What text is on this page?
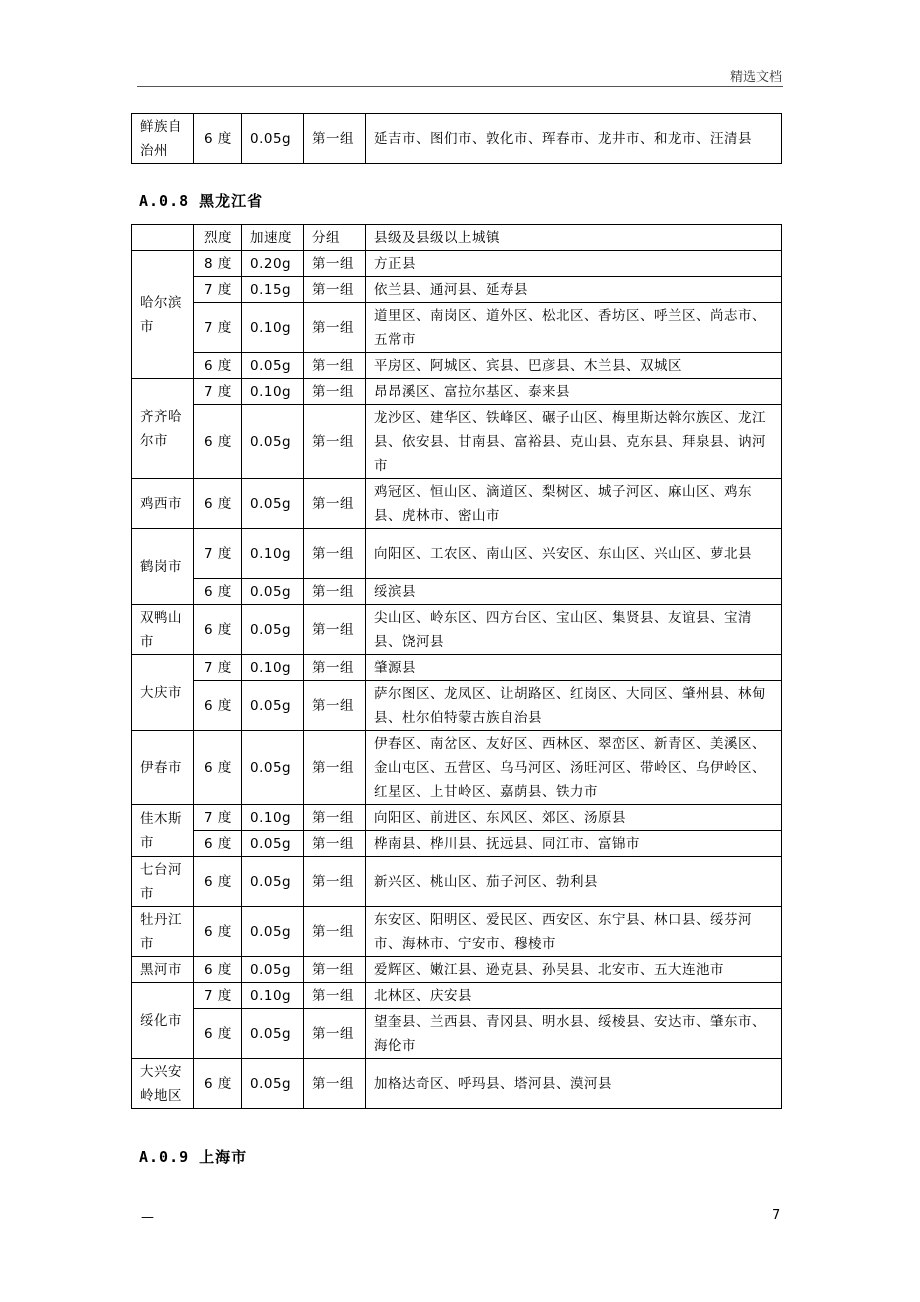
精选文档
鲜族自治州	6 度	0.05g	第一组	延吉市、图们市、敦化市、珲春市、龙井市、和龙市、汪清县
A.0.8 黑龙江省
	烈度	加速度	分组	县级及县级以上城镇
哈尔滨市	8 度	0.20g	第一组	方正县
	7 度	0.15g	第一组	依兰县、通河县、延寿县
	7 度	0.10g	第一组	道里区、南岗区、道外区、松北区、香坊区、呼兰区、尚志市、五常市
	6 度	0.05g	第一组	平房区、阿城区、宾县、巴彦县、木兰县、双城区
齐齐哈尔市	7 度	0.10g	第一组	昂昂溪区、富拉尔基区、泰来县
	6 度	0.05g	第一组	龙沙区、建华区、铁峰区、碾子山区、梅里斯达斡尔族区、龙江县、依安县、甘南县、富裕县、克山县、克东县、拜泉县、讷河市
鸡西市	6 度	0.05g	第一组	鸡冠区、恒山区、滴道区、梨树区、城子河区、麻山区、鸡东县、虎林市、密山市
鹤岗市	7 度	0.10g	第一组	向阳区、工农区、南山区、兴安区、东山区、兴山区、萝北县
	6 度	0.05g	第一组	绥滨县
双鸭山市	6 度	0.05g	第一组	尖山区、岭东区、四方台区、宝山区、集贤县、友谊县、宝清县、饶河县
大庆市	7 度	0.10g	第一组	肇源县
	6 度	0.05g	第一组	萨尔图区、龙凤区、让胡路区、红岗区、大同区、肇州县、林甸县、杜尔伯特蒙古族自治县
伊春市	6 度	0.05g	第一组	伊春区、南岔区、友好区、西林区、翠峦区、新青区、美溪区、金山屯区、五营区、乌马河区、汤旺河区、带岭区、乌伊岭区、红星区、上甘岭区、嘉荫县、铁力市
佳木斯市	7 度	0.10g	第一组	向阳区、前进区、东风区、郊区、汤原县
	6 度	0.05g	第一组	桦南县、桦川县、抚远县、同江市、富锦市
七台河市	6 度	0.05g	第一组	新兴区、桃山区、茄子河区、勃利县
牡丹江市	6 度	0.05g	第一组	东安区、阳明区、爱民区、西安区、东宁县、林口县、绥芬河市、海林市、宁安市、穆棱市
黑河市	6 度	0.05g	第一组	爱辉区、嫩江县、逊克县、孙吴县、北安市、五大连池市
绥化市	7 度	0.10g	第一组	北林区、庆安县
	6 度	0.05g	第一组	望奎县、兰西县、青冈县、明水县、绥棱县、安达市、肇东市、海伦市
大兴安岭地区	6 度	0.05g	第一组	加格达奇区、呼玛县、塔河县、漠河县
A.0.9 上海市
—	7
